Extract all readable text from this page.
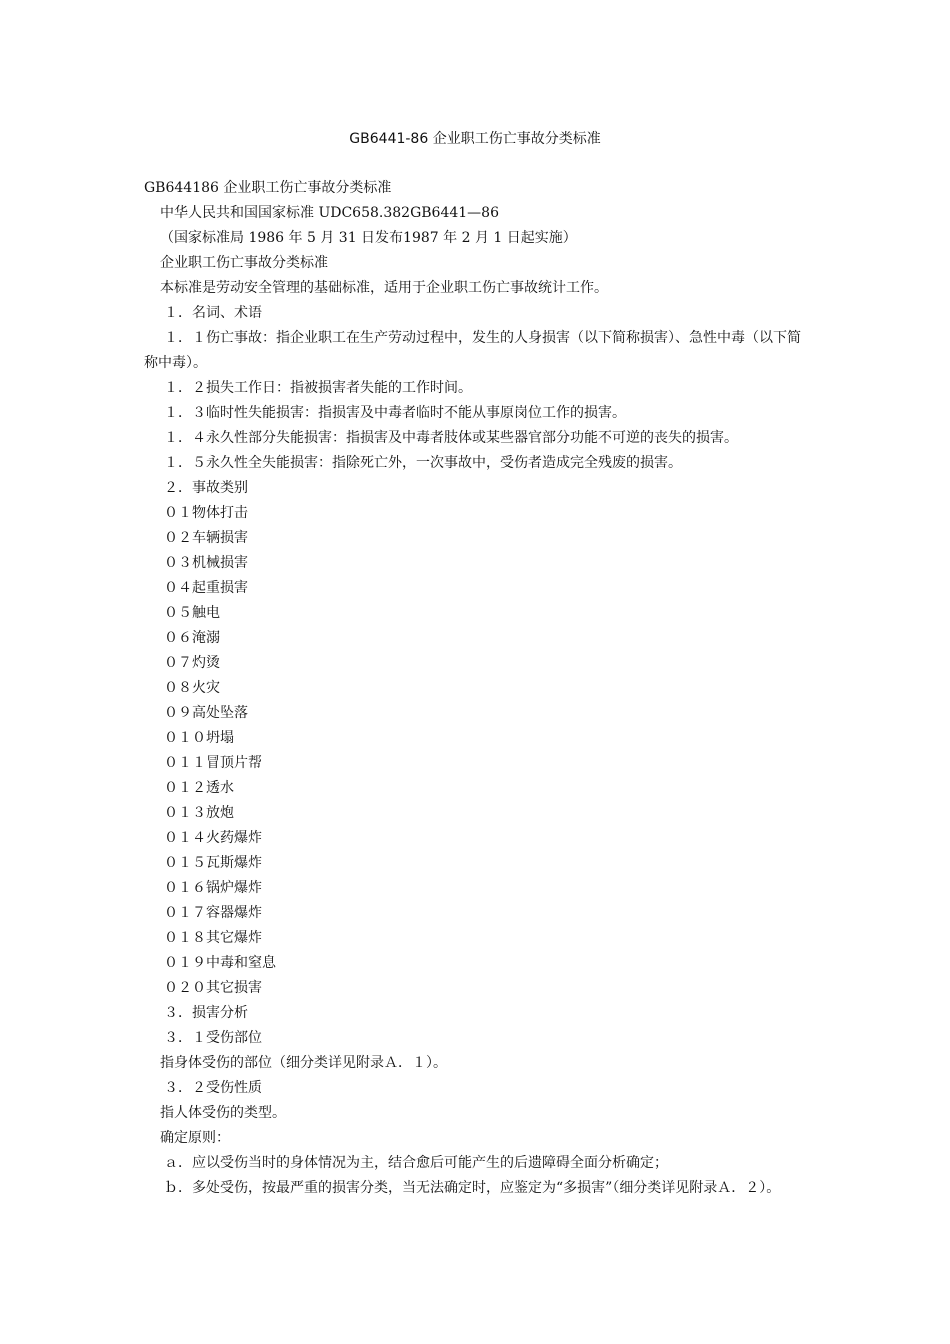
GB6441-86 企业职工伤亡事故分类标准
GB644186 企业职工伤亡事故分类标准
中华人民共和国国家标准 UDC658.382GB6441—86
（国家标准局 1986 年 5 月 31 日发布1987 年 2 月 1 日起实施）
企业职工伤亡事故分类标准
本标准是劳动安全管理的基础标准，适用于企业职工伤亡事故统计工作。
１．名词、术语
１．１伤亡事故：指企业职工在生产劳动过程中，发生的人身损害（以下简称损害）、急性中毒（以下简称中毒）。
１．２损失工作日：指被损害者失能的工作时间。
１．３临时性失能损害：指损害及中毒者临时不能从事原岗位工作的损害。
１．４永久性部分失能损害：指损害及中毒者肢体或某些器官部分功能不可逆的丧失的损害。
１．５永久性全失能损害：指除死亡外，一次事故中，受伤者造成完全残废的损害。
２．事故类别
０１物体打击
０２车辆损害
０３机械损害
０４起重损害
０５触电
０６淹溺
０７灼烫
０８火灾
０９高处坠落
０１０坍塌
０１１冒顶片帮
０１２透水
０１３放炮
０１４火药爆炸
０１５瓦斯爆炸
０１６锅炉爆炸
０１７容器爆炸
０１８其它爆炸
０１９中毒和窒息
０２０其它损害
３．损害分析
３．１受伤部位
指身体受伤的部位（细分类详见附录Ａ．１）。
３．２受伤性质
指人体受伤的类型。
确定原则：
ａ．应以受伤当时的身体情况为主，结合愈后可能产生的后遗障碍全面分析确定；
ｂ．多处受伤，按最严重的损害分类，当无法确定时，应鉴定为“多损害”（细分类详见附录Ａ．２）。
